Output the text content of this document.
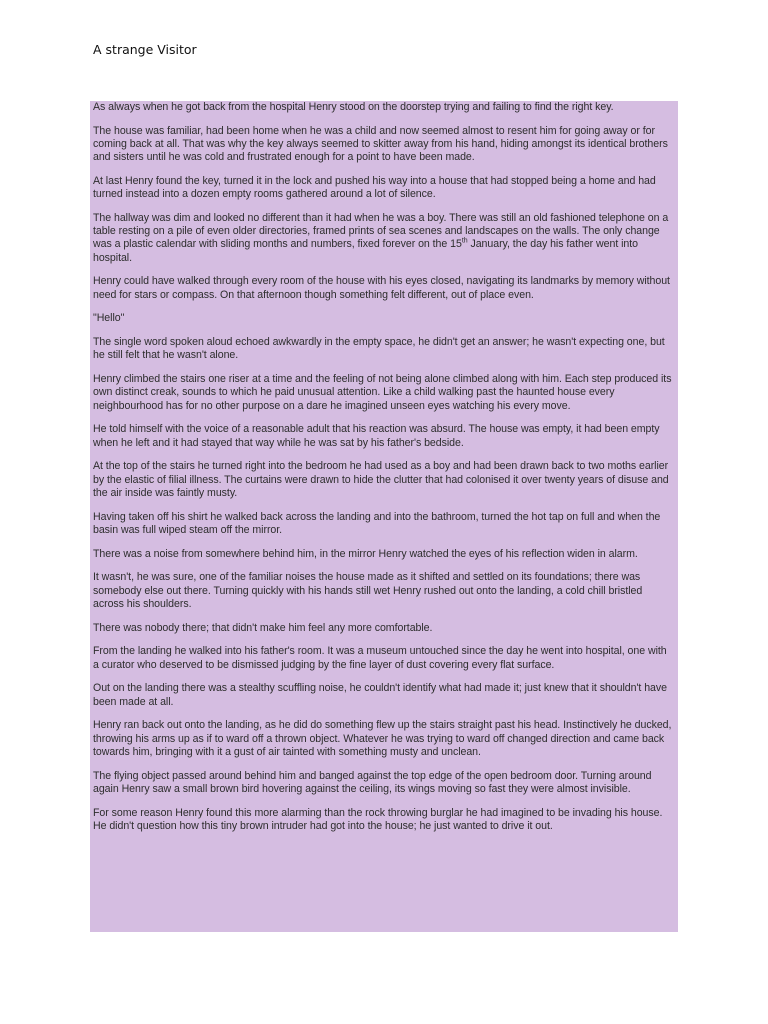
A strange Visitor

As always when he got back from the hospital Henry stood on the doorstep trying and failing to find the right key.

The house was familiar, had been home when he was a child and now seemed almost to resent him for going away or for coming back at all. That was why the key always seemed to skitter away from his hand, hiding amongst its identical brothers and sisters until he was cold and frustrated enough for a point to have been made.

At last Henry found the key, turned it in the lock and pushed his way into a house that had stopped being a home and had turned instead into a dozen empty rooms gathered around a lot of silence.

The hallway was dim and looked no different than it had when he was a boy. There was still an old fashioned telephone on a table resting on a pile of even older directories, framed prints of sea scenes and landscapes on the walls. The only change was a plastic calendar with sliding months and numbers, fixed forever on the 15th January, the day his father went into hospital.

Henry could have walked through every room of the house with his eyes closed, navigating its landmarks by memory without need for stars or compass. On that afternoon though something felt different, out of place even.

"Hello"

The single word spoken aloud echoed awkwardly in the empty space, he didn't get an answer; he wasn't expecting one, but he still felt that he wasn't alone.

Henry climbed the stairs one riser at a time and the feeling of not being alone climbed along with him. Each step produced its own distinct creak, sounds to which he paid unusual attention. Like a child walking past the haunted house every neighbourhood has for no other purpose on a dare he imagined unseen eyes watching his every move.

He told himself with the voice of a reasonable adult that his reaction was absurd. The house was empty, it had been empty when he left and it had stayed that way while he was sat by his father's bedside.

At the top of the stairs he turned right into the bedroom he had used as a boy and had been drawn back to two moths earlier by the elastic of filial illness. The curtains were drawn to hide the clutter that had colonised it over twenty years of disuse and the air inside was faintly musty.

Having taken off his shirt he walked back across the landing and into the bathroom, turned the hot tap on full and when the basin was full wiped steam off the mirror.

There was a noise from somewhere behind him, in the mirror Henry watched the eyes of his reflection widen in alarm.

It wasn't, he was sure, one of the familiar noises the house made as it shifted and settled on its foundations; there was somebody else out there. Turning quickly with his hands still wet Henry rushed out onto the landing, a cold chill bristled across his shoulders.

There was nobody there; that didn't make him feel any more comfortable.

From the landing he walked into his father's room. It was a museum untouched since the day he went into hospital, one with a curator who deserved to be dismissed judging by the fine layer of dust covering every flat surface.

Out on the landing there was a stealthy scuffling noise, he couldn't identify what had made it; just knew that it shouldn't have been made at all.

Henry ran back out onto the landing, as he did do something flew up the stairs straight past his head. Instinctively he ducked, throwing his arms up as if to ward off a thrown object. Whatever he was trying to ward off changed direction and came back towards him, bringing with it a gust of air tainted with something musty and unclean.

The flying object passed around behind him and banged against the top edge of the open bedroom door. Turning around again Henry saw a small brown bird hovering against the ceiling, its wings moving so fast they were almost invisible.

For some reason Henry found this more alarming than the rock throwing burglar he had imagined to be invading his house. He didn't question how this tiny brown intruder had got into the house; he just wanted to drive it out.
